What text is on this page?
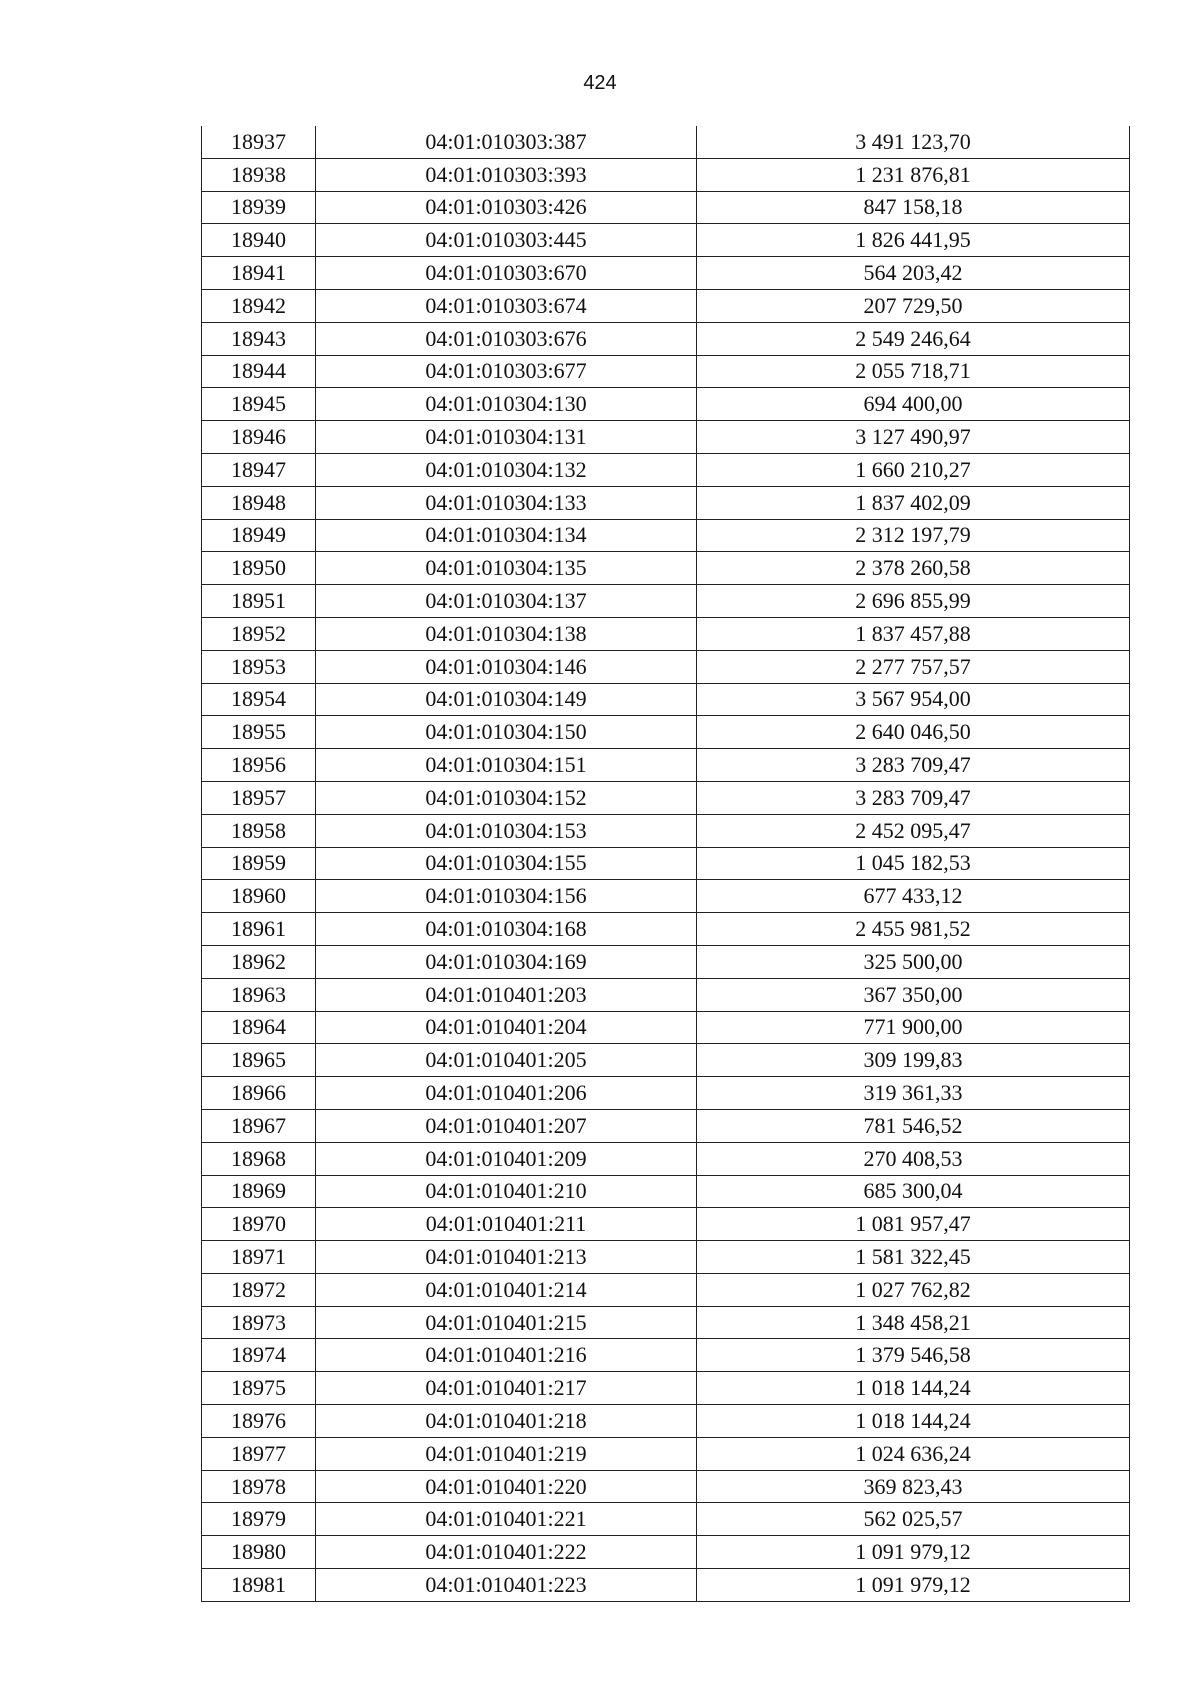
424
18937	04:01:010303:387	3 491 123,70
18938	04:01:010303:393	1 231 876,81
18939	04:01:010303:426	847 158,18
18940	04:01:010303:445	1 826 441,95
18941	04:01:010303:670	564 203,42
18942	04:01:010303:674	207 729,50
18943	04:01:010303:676	2 549 246,64
18944	04:01:010303:677	2 055 718,71
18945	04:01:010304:130	694 400,00
18946	04:01:010304:131	3 127 490,97
18947	04:01:010304:132	1 660 210,27
18948	04:01:010304:133	1 837 402,09
18949	04:01:010304:134	2 312 197,79
18950	04:01:010304:135	2 378 260,58
18951	04:01:010304:137	2 696 855,99
18952	04:01:010304:138	1 837 457,88
18953	04:01:010304:146	2 277 757,57
18954	04:01:010304:149	3 567 954,00
18955	04:01:010304:150	2 640 046,50
18956	04:01:010304:151	3 283 709,47
18957	04:01:010304:152	3 283 709,47
18958	04:01:010304:153	2 452 095,47
18959	04:01:010304:155	1 045 182,53
18960	04:01:010304:156	677 433,12
18961	04:01:010304:168	2 455 981,52
18962	04:01:010304:169	325 500,00
18963	04:01:010401:203	367 350,00
18964	04:01:010401:204	771 900,00
18965	04:01:010401:205	309 199,83
18966	04:01:010401:206	319 361,33
18967	04:01:010401:207	781 546,52
18968	04:01:010401:209	270 408,53
18969	04:01:010401:210	685 300,04
18970	04:01:010401:211	1 081 957,47
18971	04:01:010401:213	1 581 322,45
18972	04:01:010401:214	1 027 762,82
18973	04:01:010401:215	1 348 458,21
18974	04:01:010401:216	1 379 546,58
18975	04:01:010401:217	1 018 144,24
18976	04:01:010401:218	1 018 144,24
18977	04:01:010401:219	1 024 636,24
18978	04:01:010401:220	369 823,43
18979	04:01:010401:221	562 025,57
18980	04:01:010401:222	1 091 979,12
18981	04:01:010401:223	1 091 979,12
